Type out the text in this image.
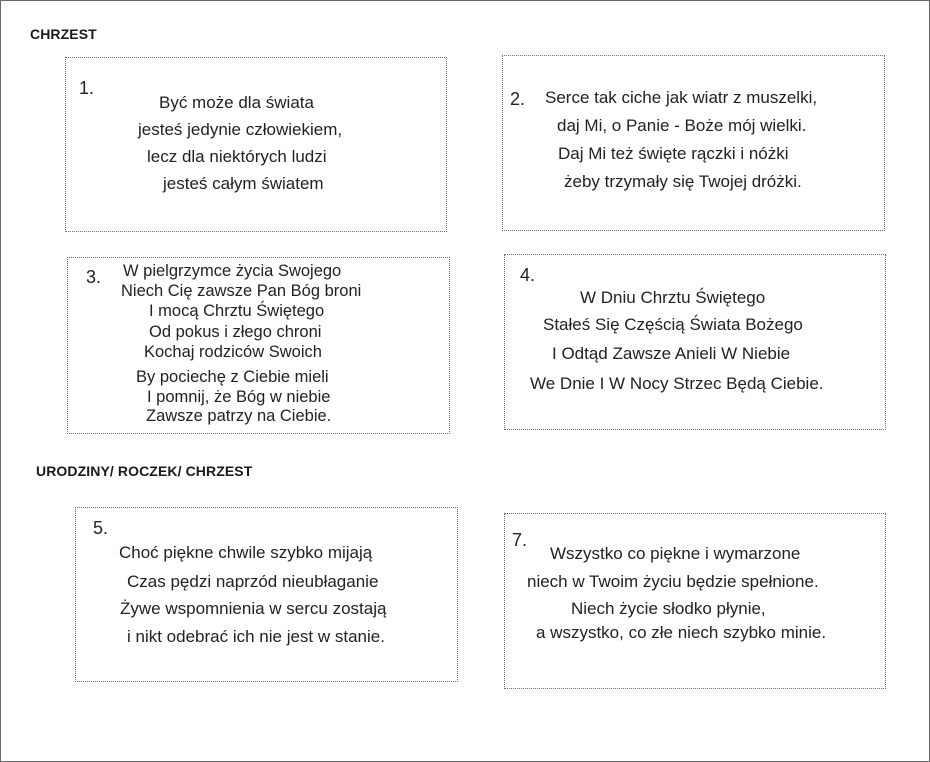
CHRZEST
1.
Być może dla świata
jesteś jedynie człowiekiem,
lecz dla niektórych ludzi
jesteś całym światem
2. Serce tak ciche jak wiatr z muszelki,
daj Mi, o Panie - Boże mój wielki.
Daj Mi też święte rączki i nóżki
żeby trzymały się Twojej dróżki.
3. W pielgrzymce życia Swojego
Niech Cię zawsze Pan Bóg broni
I mocą Chrztu Świętego
Od pokus i złego chroni
Kochaj rodziców Swoich
By pociechę z Ciebie mieli
I pomnij, że Bóg w niebie
Zawsze patrzy na Ciebie.
4.
W Dniu Chrztu Świętego
Stałeś Się Częścią Świata Bożego
I Odtąd Zawsze Anieli W Niebie
We Dnie I W Nocy Strzec Będą Ciebie.
URODZINY/ ROCZEK/ CHRZEST
5.
Choć piękne chwile szybko mijają
Czas pędzi naprzód nieubłaganie
Żywe wspomnienia w sercu zostają
i nikt odebrać ich nie jest w stanie.
7.
Wszystko co piękne i wymarzone
niech w Twoim życiu będzie spełnione.
Niech życie słodko płynie,
a wszystko, co złe niech szybko minie.
